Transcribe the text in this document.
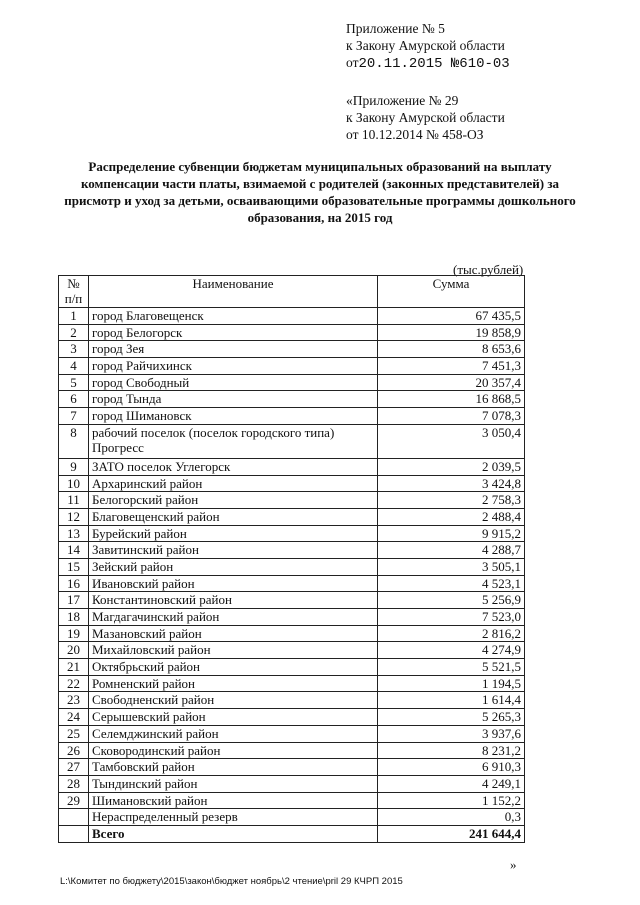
Приложение № 5
к Закону Амурской области
от20.11.2015 №610-03
«Приложение № 29
к Закону Амурской области
от 10.12.2014 № 458-ОЗ
Распределение субвенции бюджетам муниципальных образований на выплату компенсации части платы, взимаемой с родителей (законных представителей) за присмотр и уход за детьми, осваивающими образовательные программы дошкольного образования, на 2015 год
(тыс.рублей)
№ п/п	Наименование	Сумма
1	город Благовещенск	67 435,5
2	город Белогорск	19 858,9
3	город Зея	8 653,6
4	город Райчихинск	7 451,3
5	город Свободный	20 357,4
6	город Тында	16 868,5
7	город Шимановск	7 078,3
8	рабочий поселок (поселок городского типа) Прогресс	3 050,4
9	ЗАТО поселок Углегорск	2 039,5
10	Архаринский район	3 424,8
11	Белогорский район	2 758,3
12	Благовещенский район	2 488,4
13	Бурейский район	9 915,2
14	Завитинский район	4 288,7
15	Зейский район	3 505,1
16	Ивановский район	4 523,1
17	Константиновский район	5 256,9
18	Магдагачинский район	7 523,0
19	Мазановский район	2 816,2
20	Михайловский район	4 274,9
21	Октябрьский район	5 521,5
22	Ромненский район	1 194,5
23	Свободненский район	1 614,4
24	Серышевский район	5 265,3
25	Селемджинский район	3 937,6
26	Сковородинский район	8 231,2
27	Тамбовский район	6 910,3
28	Тындинский район	4 249,1
29	Шимановский район	1 152,2
	Нераспределенный резерв	0,3
	Всего	241 644,4
»
L:\Комитет по бюджету\2015\закон\бюджет ноябрь\2 чтение\pril 29 КЧРП 2015
